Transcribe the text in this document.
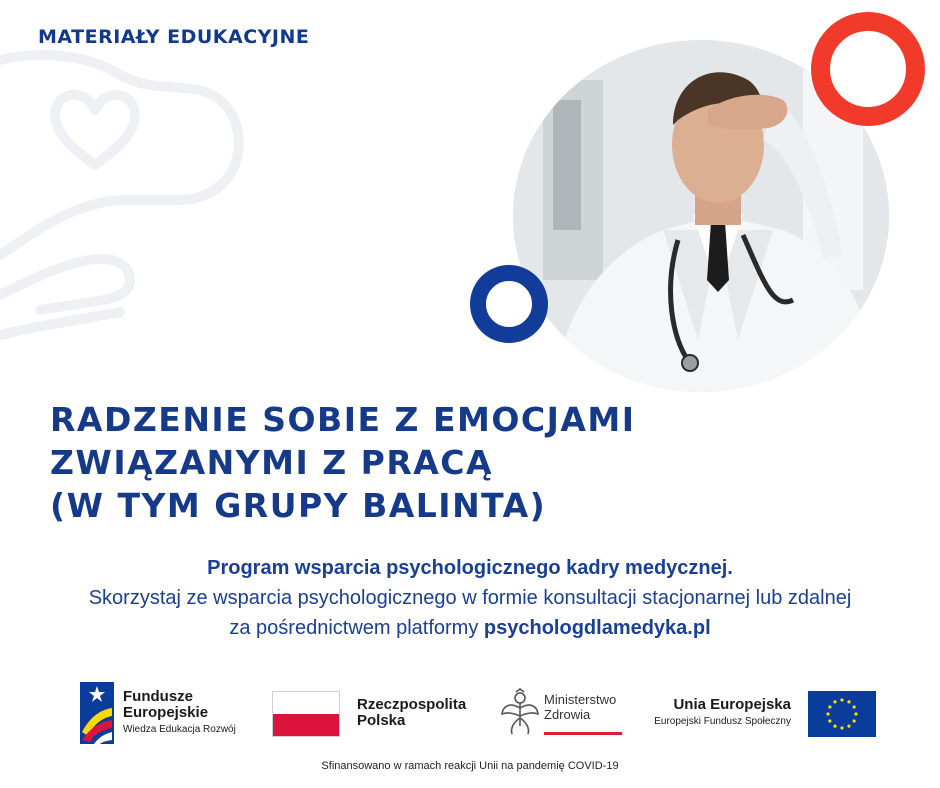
MATERIAŁY EDUKACYJNE
RADZENIE SOBIE Z EMOCJAMI
ZWIĄZANYMI Z PRACĄ
(W TYM GRUPY BALINTA)
Program wsparcia psychologicznego kadry medycznej.
Skorzystaj ze wsparcia psychologicznego w formie konsultacji stacjonarnej lub zdalnej
za pośrednictwem platformy psychologdlamedyka.pl
Fundusze
Europejskie
Wiedza Edukacja Rozwój
Rzeczpospolita
Polska
Ministerstwo
Zdrowia
Unia Europejska
Europejski Fundusz Społeczny
Sfinansowano w ramach reakcji Unii na pandemię COVID-19
